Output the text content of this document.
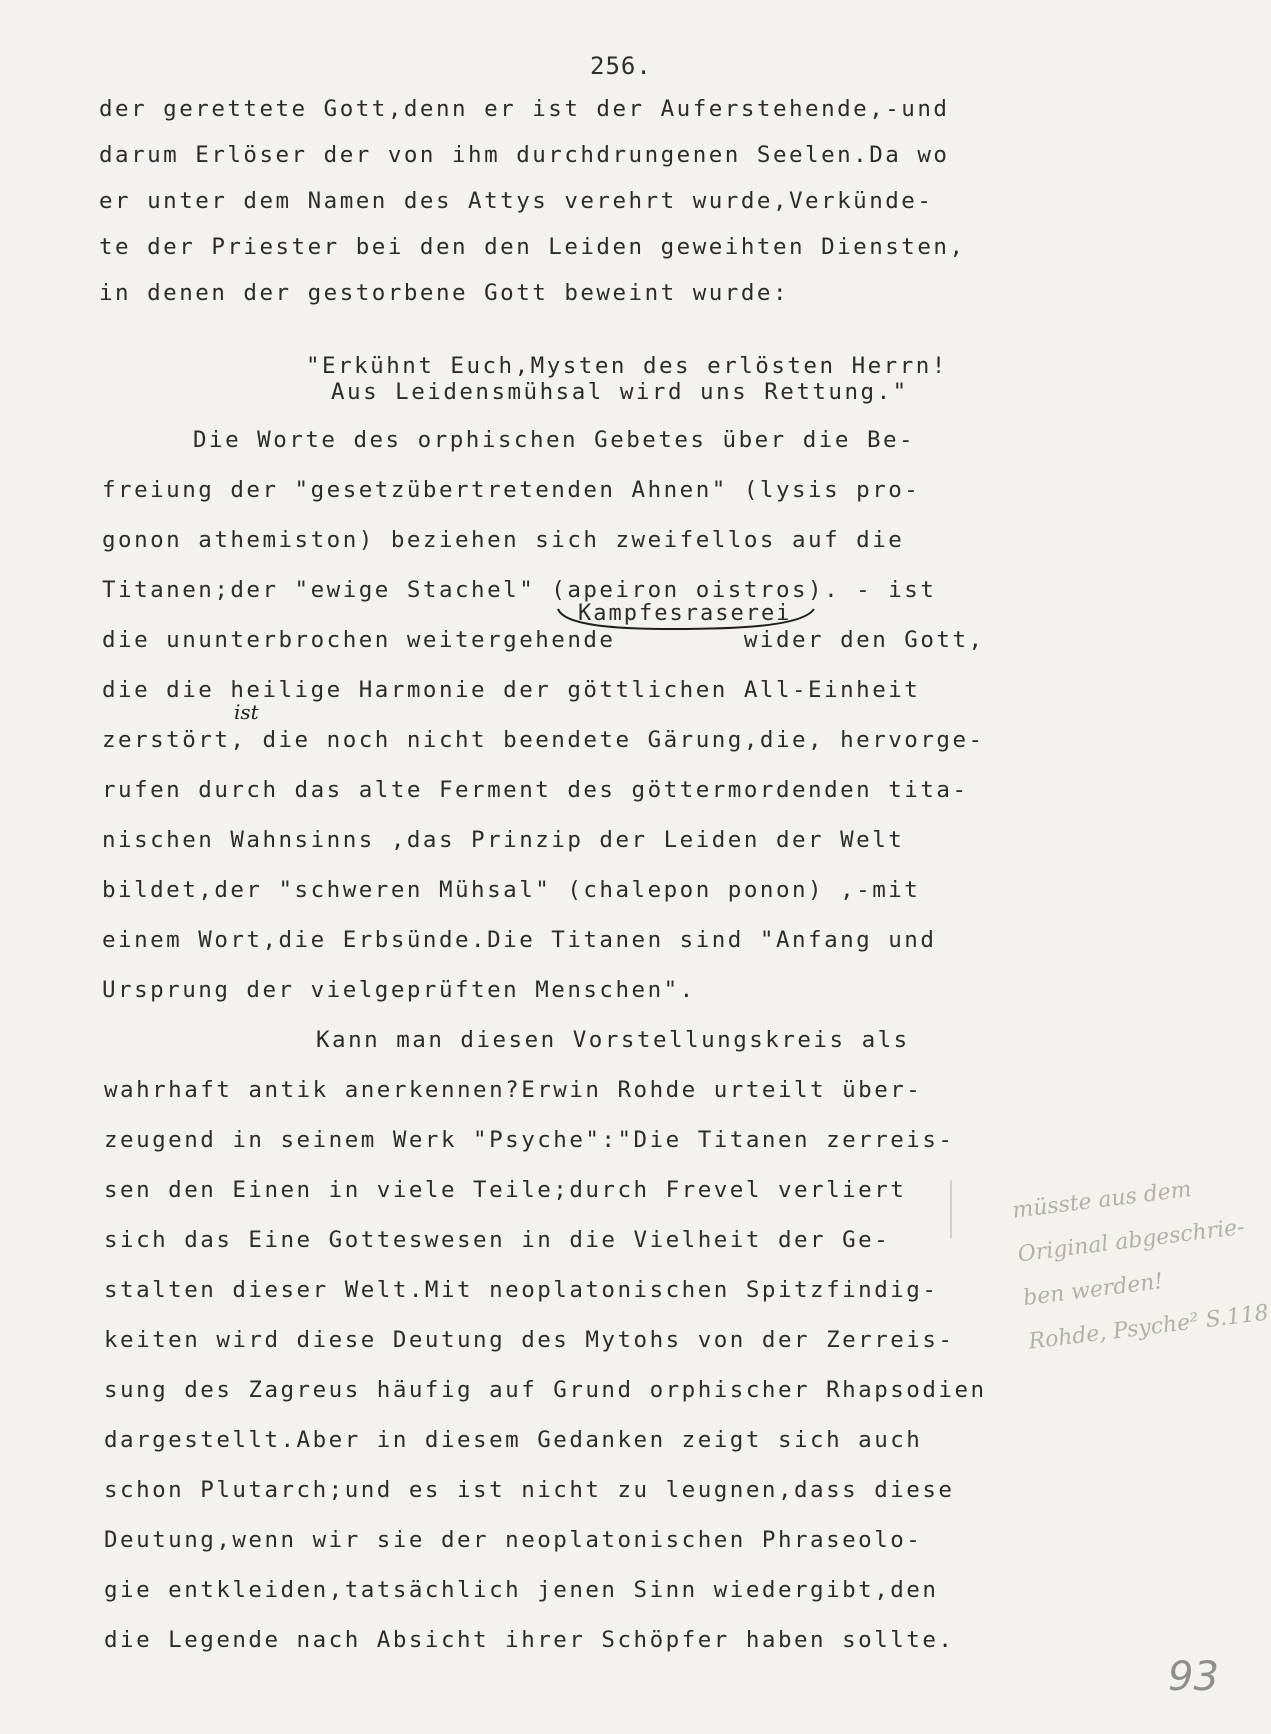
256.
der gerettete Gott,denn er ist der Auferstehende,-und
darum Erlöser der von ihm durchdrungenen Seelen.Da wo
er unter dem Namen des Attys verehrt wurde,Verkünde-
te der Priester bei den den Leiden geweihten Diensten,
in denen der gestorbene Gott beweint wurde:
"Erkühnt Euch,Mysten des erlösten Herrn!
Aus Leidensmühsal wird uns Rettung."
Die Worte des orphischen Gebetes über die Be-
freiung der "gesetzübertretenden Ahnen" (lysis pro-
gonon athemiston) beziehen sich zweifellos auf die
Titanen;der "ewige Stachel" (apeiron oistros). - ist
Kampfesraserei
die ununterbrochen weitergehende        wider den Gott,
die die heilige Harmonie der göttlichen All-Einheit
ist
zerstört, die noch nicht beendete Gärung,die, hervorge-
rufen durch das alte Ferment des göttermordenden tita-
nischen Wahnsinns ,das Prinzip der Leiden der Welt
bildet,der "schweren Mühsal" (chalepon ponon) ,-mit
einem Wort,die Erbsünde.Die Titanen sind "Anfang und
Ursprung der vielgeprüften Menschen".
Kann man diesen Vorstellungskreis als
wahrhaft antik anerkennen?Erwin Rohde urteilt über-
zeugend in seinem Werk "Psyche":"Die Titanen zerreis-
sen den Einen in viele Teile;durch Frevel verliert
sich das Eine Gotteswesen in die Vielheit der Ge-
stalten dieser Welt.Mit neoplatonischen Spitzfindig-
keiten wird diese Deutung des Mytohs von der Zerreis-
sung des Zagreus häufig auf Grund orphischer Rhapsodien
dargestellt.Aber in diesem Gedanken zeigt sich auch
schon Plutarch;und es ist nicht zu leugnen,dass diese
Deutung,wenn wir sie der neoplatonischen Phraseolo-
gie entkleiden,tatsächlich jenen Sinn wiedergibt,den
die Legende nach Absicht ihrer Schöpfer haben sollte.
müsste aus dem
Original abgeschrie-
ben werden!
Rohde, Psyche² S.118
93
